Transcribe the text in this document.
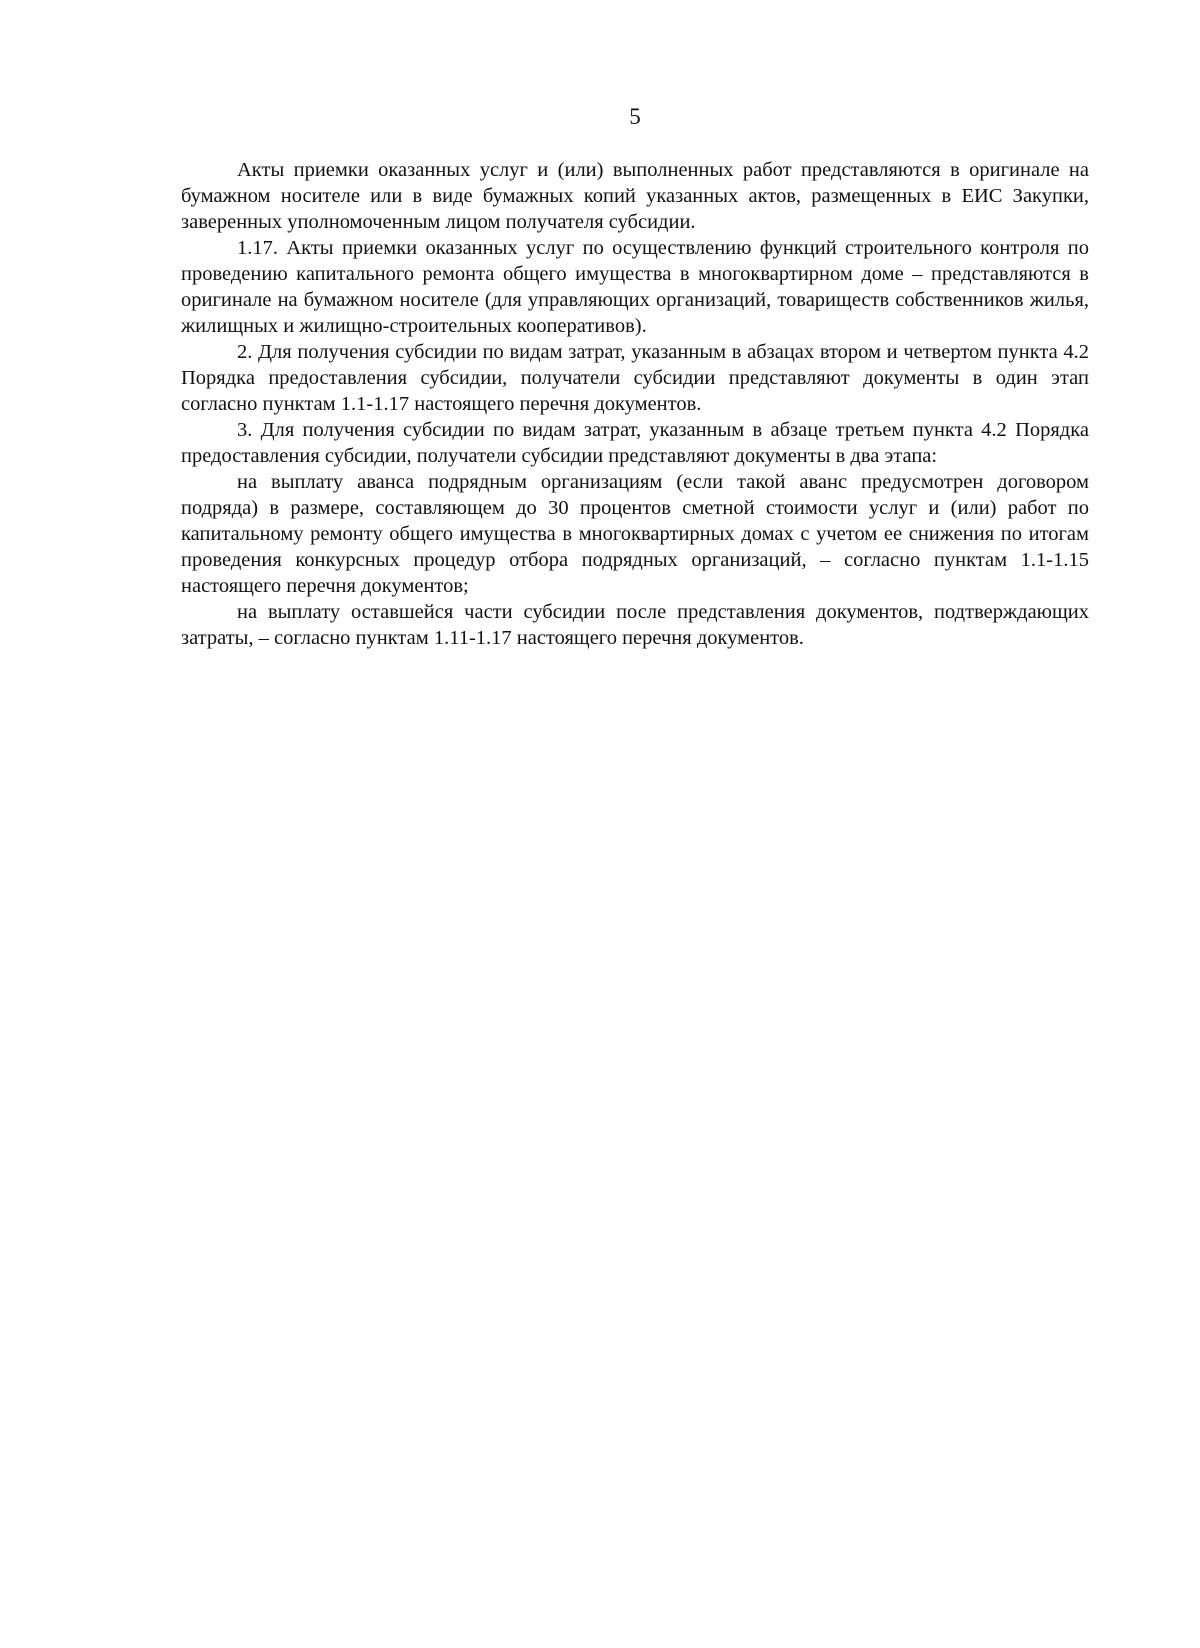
5

Акты приемки оказанных услуг и (или) выполненных работ представляются в оригинале на бумажном носителе или в виде бумажных копий указанных актов, размещенных в ЕИС Закупки, заверенных уполномоченным лицом получателя субсидии.

1.17. Акты приемки оказанных услуг по осуществлению функций строительного контроля по проведению капитального ремонта общего имущества в многоквартирном доме – представляются в оригинале на бумажном носителе (для управляющих организаций, товариществ собственников жилья, жилищных и жилищно-строительных кооперативов).

2. Для получения субсидии по видам затрат, указанным в абзацах втором и четвертом пункта 4.2 Порядка предоставления субсидии, получатели субсидии представляют документы в один этап согласно пунктам 1.1-1.17 настоящего перечня документов.

3. Для получения субсидии по видам затрат, указанным в абзаце третьем пункта 4.2 Порядка предоставления субсидии, получатели субсидии представляют документы в два этапа:

на выплату аванса подрядным организациям (если такой аванс предусмотрен договором подряда) в размере, составляющем до 30 процентов сметной стоимости услуг и (или) работ по капитальному ремонту общего имущества в многоквартирных домах с учетом ее снижения по итогам проведения конкурсных процедур отбора подрядных организаций, – согласно пунктам 1.1-1.15 настоящего перечня документов;

на выплату оставшейся части субсидии после представления документов, подтверждающих затраты, – согласно пунктам 1.11-1.17 настоящего перечня документов.
